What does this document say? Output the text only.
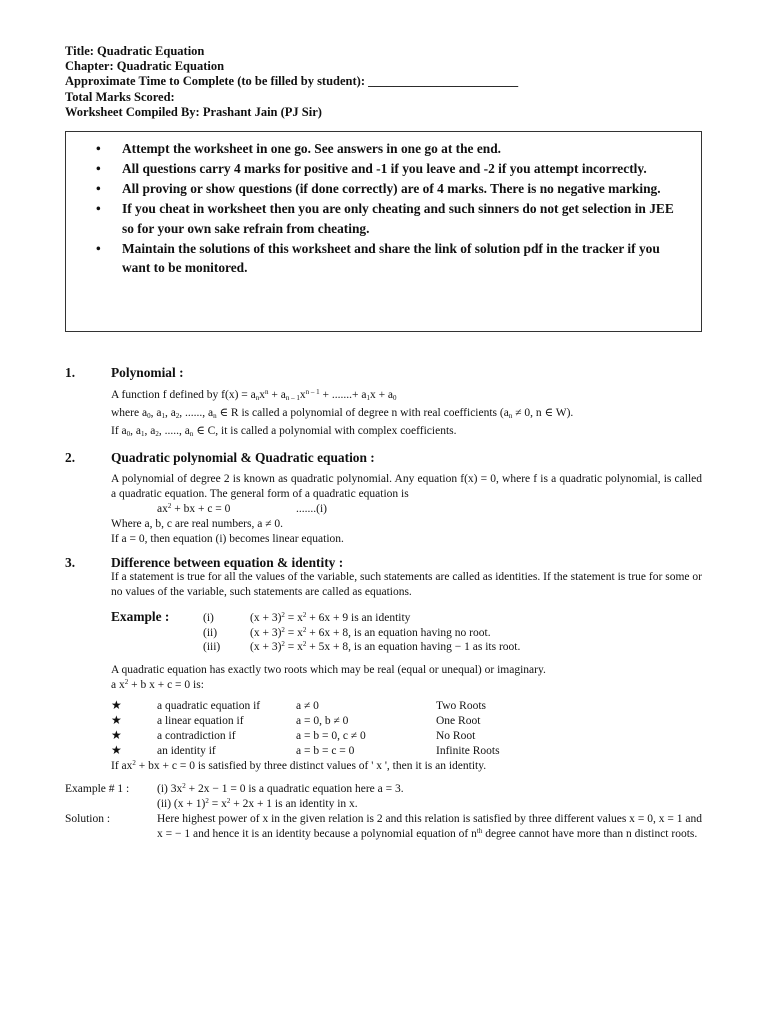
Title: Quadratic Equation
Chapter: Quadratic Equation
Approximate Time to Complete (to be filled by student): ________________________
Total Marks Scored:
Worksheet Compiled By: Prashant Jain (PJ Sir)
• Attempt the worksheet in one go. See answers in one go at the end.
• All questions carry 4 marks for positive and -1 if you leave and -2 if you attempt incorrectly.
• All proving or show questions (if done correctly) are of 4 marks. There is no negative marking.
• If you cheat in worksheet then you are only cheating and such sinners do not get selection in JEE so for your own sake refrain from cheating.
• Maintain the solutions of this worksheet and share the link of solution pdf in the tracker if you want to be monitored.
1.	Polynomial :
A function f defined by $f(x) = a_nx^n + a_{n - 1}x^{n - 1}$ + .......+ $a_1x + a_0$
where $a_0$, $a_1$, $a_2$, ......, $a_n$ ∈ R is called a polynomial of degree n with real coefficients ($a_n \ne 0$, n ∈ W).
If $a_0$, $a_1$, $a_2$, ....., $a_n$ ∈ C, it is called a polynomial with complex coefficients.
2.	Quadratic polynomial & Quadratic equation :
A polynomial of degree 2 is known as quadratic polynomial. Any equation f(x) = 0, where f is a quadratic polynomial, is called a quadratic equation. The general form of a quadratic equation is
$ax^2$ + bx + c = 0	.......(i)
Where a, b, c are real numbers, a ≠ 0.
If a = 0, then equation (i) becomes linear equation.
3.	Difference between equation & identity :
If a statement is true for all the values of the variable, such statements are called as identities. If the statement is true for some or no values of the variable, such statements are called as equations.
Example :	(i)	$(x + 3)^2 = x^2 + 6x + 9$ is an identity
(ii)	$(x + 3)^2 = x^2 + 6x + 8$, is an equation having no root.
(iii)	$(x + 3)^2 = x^2 + 5x + 8$, is an equation having − 1 as its root.
A quadratic equation has exactly two roots which may be real (equal or unequal) or imaginary.
a $x^2 + b$ x + c = 0 is:
★	a quadratic equation if	a ≠ 0	Two Roots
★	a linear equation if	a = 0, b ≠ 0	One Root
★	a contradiction if	a = b = 0, c ≠ 0	No Root
★	an identity if	a = b = c = 0	Infinite Roots
If $ax^2$ + bx + c = 0 is satisfied by three distinct values of ' x ', then it is an identity.
Example # 1 : (i) $3x^2 + 2x - 1 = 0$ is a quadratic equation here a = 3.
(ii) $(x + 1)^2 = x^2 + 2x + 1$ is an identity in x.
Solution :	Here highest power of x in the given relation is 2 and this relation is satisfied by three different values x = 0, x = 1 and x = − 1 and hence it is an identity because a polynomial equation of $n^{th}$ degree cannot have more than n distinct roots.
